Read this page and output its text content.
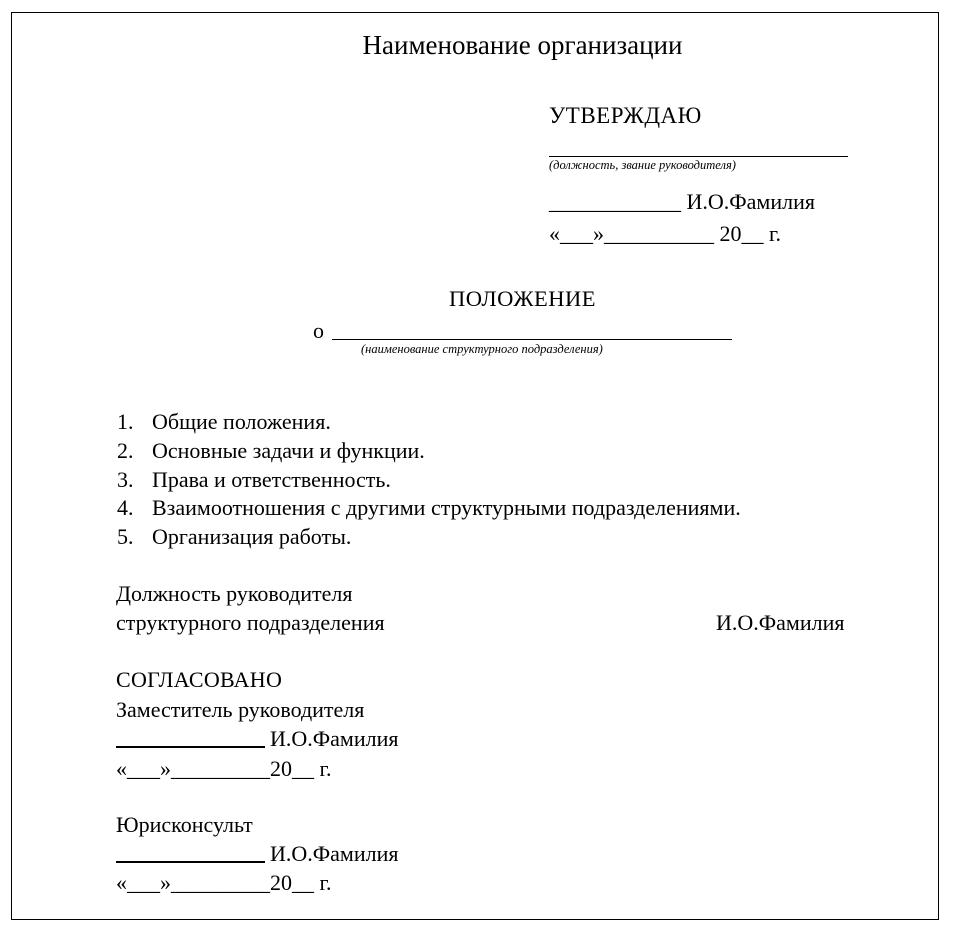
Наименование организации
УТВЕРЖДАЮ
(должность, звание руководителя)
____________ И.О.Фамилия
«___»__________ 20__ г.
ПОЛОЖЕНИЕ
о
(наименование структурного подразделения)
1. Общие положения.
2. Основные задачи и функции.
3. Права и ответственность.
4. Взаимоотношения с другими структурными подразделениями.
5. Организация работы.
Должность руководителя
структурного подразделения	И.О.Фамилия
СОГЛАСОВАНО
Заместитель руководителя
И.О.Фамилия
«___»_________20__ г.
Юрисконсульт
И.О.Фамилия
«___»_________20__ г.
